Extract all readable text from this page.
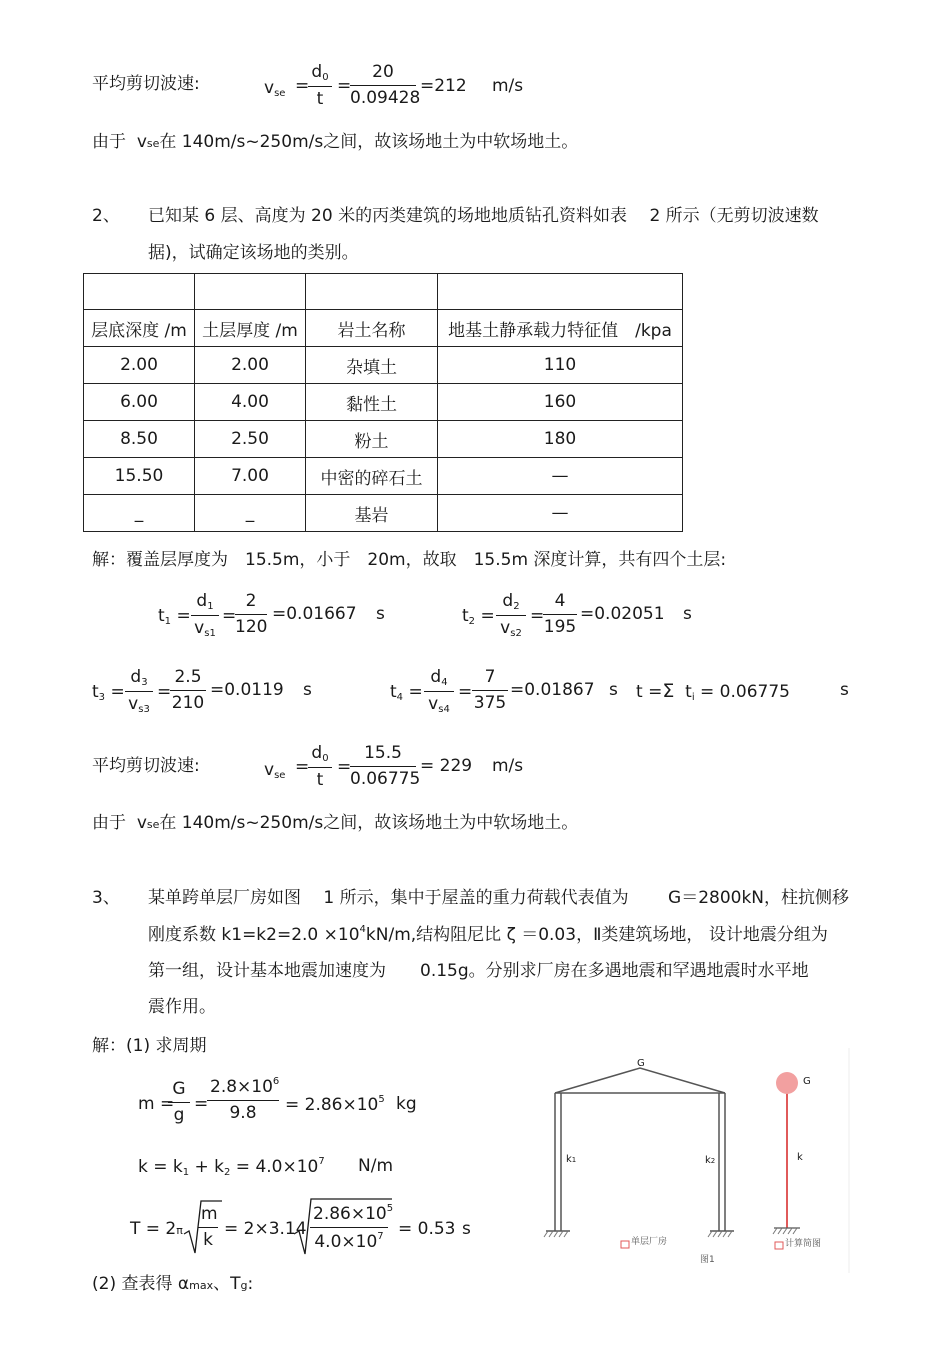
平均剪切波速:	$v_{se}$ =
$\frac{d_0}{t}$ =
$\frac{20}{0.09428} =212$ m/s
由于 vse在 140m/s~250m/s之间，故该场地土为中软场地土。
2、 已知某 6 层、高度为 20 米的丙类建筑的场地地质钻孔资料如表　 2 所示（无剪切波速数
据)，试确定该场地的类别。

层底深度 /m	土层厚度 /m	岩土名称	地基土静承载力特征值　/kpa
2.00	2.00	杂填土	110
6.00	4.00	黏性土	160
8.50	2.50	粉土	180
15.50	7.00	中密的碎石土	—
_	_	基岩	—
解：覆盖层厚度为　15.5m，小于　20m，故取　15.5m 深度计算，共有四个土层:
$t_1 = \frac{d_1}{v_{s1}}$ =
$\frac{2}{120} =0.01667$ s	$t_2 = \frac{d_2}{v_{s2}}$ =
$\frac{4}{195} =0.02051$ s
$t_3 = \frac{d_3}{v_{s3}}$ =
$\frac{2.5}{210} =0.0119$ s	$t_4 = \frac{d_4}{v_{s4}} = \frac{7}{375} =0.01867$ s t =Σ $t_i = 0.06775$	s
平均剪切波速:	$v_{se}$ =
$\frac{d_0}{t}$ =
$\frac{15.5}{0.06775} = 229$ m/s
由于 vse在 140m/s~250m/s之间，故该场地土为中软场地土。
3、 某单跨单层厂房如图　 1 所示，集中于屋盖的重力荷载代表值为　　 G＝2800kN，柱抗侧移
刚度系数 $k1=k2=2.0 \times 10^4kN/m$,结构阻尼比 ζ ＝0.03，Ⅱ类建筑场地， 设计地震分组为
第一组，设计基本地震加速度为　　0.15g。分别求厂房在多遇地震和罕遇地震时水平地
震作用。
解：(1) 求周期
m =
$\frac{G}{g}$ =
$\frac{2.8\times 10^6}{9.8} = 2.86\times 10^5$ kg
$k = k_1 + k_2 = 4.0\times 10^7$ N/m
$T = 2\pi \frac{m}{k} = 2\times 3.14 \frac{2.86\times 10^5}{4.0\times 10^7} = 0.53$ s
(2) 查表得 αmax、Tg:
G
G
k1	k2	k
单层厂房	计算简图
图1
